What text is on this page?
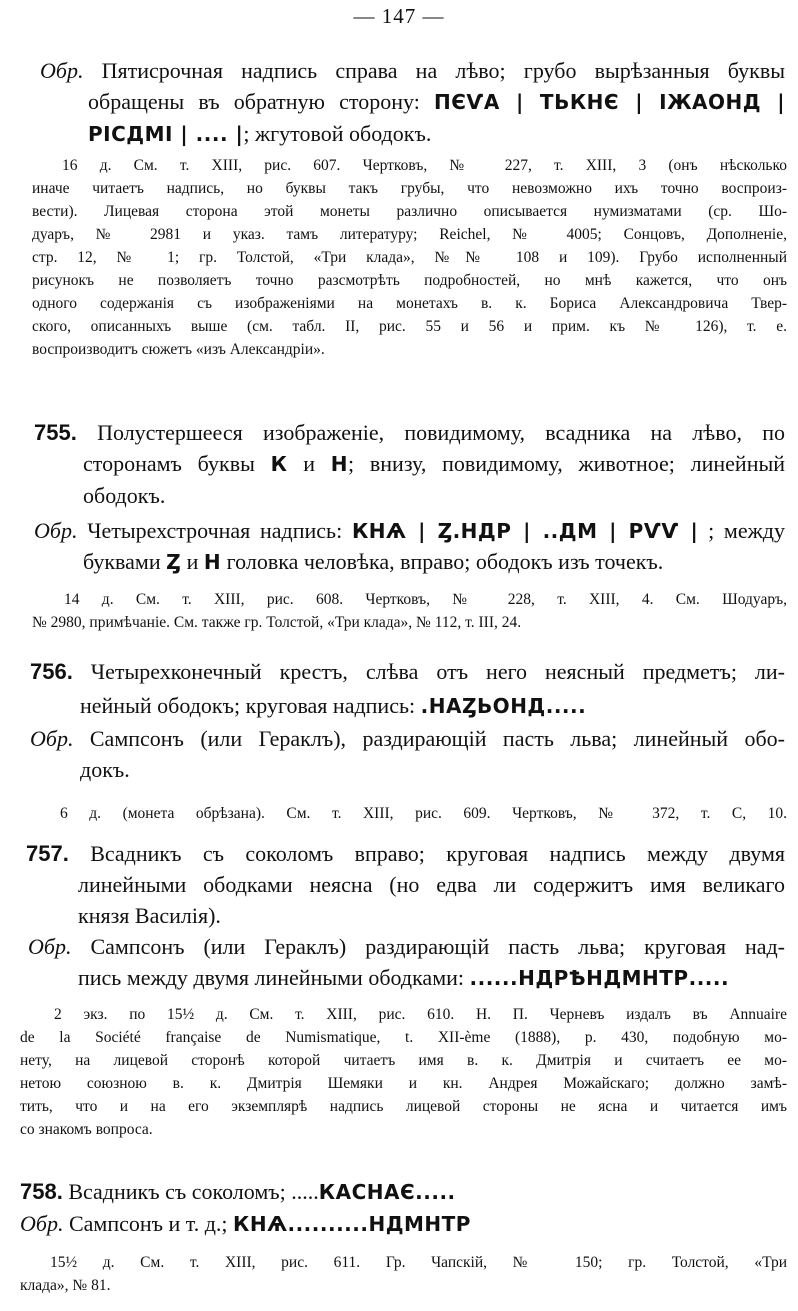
— 147 —
Обр. Пятисрочная надпись справа на лѣво; грубо вырѣзанныя буквы
обращены въ обратную сторону: ПЄѴА | ТЬКНЄ | ІЖАОНД |
РІСДМІ | .... |; жгутовой ободокъ.
16 д. См. т. XIII, рис. 607. Чертковъ, № 227, т. XIII, 3 (онъ нѣсколько
иначе читаетъ надпись, но буквы такъ грубы, что невозможно ихъ точно воспроиз-
вести). Лицевая сторона этой монеты различно описывается нумизматами (ср. Шо-
дуаръ, № 2981 и указ. тамъ литературу; Reichel, № 4005; Сонцовъ, Дополненіе,
стр. 12, № 1; гр. Толстой, «Три клада», №№ 108 и 109). Грубо исполненный
рисунокъ не позволяетъ точно разсмотрѣть подробностей, но мнѣ кажется, что онъ
одного содержанія съ изображеніями на монетахъ в. к. Бориса Александровича Твер-
ского, описанныхъ выше (см. табл. II, рис. 55 и 56 и прим. къ № 126), т. е.
воспроизводитъ сюжетъ «изъ Александріи».
755. Полустершееся изображеніе, повидимому, всадника на лѣво, по
сторонамъ буквы К и Н; внизу, повидимому, животное; линейный
ободокъ.
Обр. Четырехстрочная надпись: КНѦ | Ȥ.НДР | ..ДМ | РѴѴ | ; между
буквами Ȥ и Н головка человѣка, вправо; ободокъ изъ точекъ.
14 д. См. т. XIII, рис. 608. Чертковъ, № 228, т. XIII, 4. См. Шодуаръ,
№ 2980, примѣчаніе. См. также гр. Толстой, «Три клада», № 112, т. III, 24.
756. Четырехконечный крестъ, слѣва отъ него неясный предметъ; ли-
нейный ободокъ; круговая надпись: .НАȤЬОНД.....
Обр. Сампсонъ (или Гераклъ), раздирающій пасть льва; линейный обо-
докъ.
6 д. (монета обрѣзана). См. т. XIII, рис. 609. Чертковъ, № 372, т. С, 10.
757. Всадникъ съ соколомъ вправо; круговая надпись между двумя
линейными ободками неясна (но едва ли содержитъ имя великаго
князя Василія).
Обр. Сампсонъ (или Гераклъ) раздирающій пасть льва; круговая над-
пись между двумя линейными ободками: ......НДРѢНДМНТР.....
2 экз. по 15½ д. См. т. XIII, рис. 610. Н. П. Черневъ издалъ въ Annuaire
de la Société française de Numismatique, t. XII-ème (1888), p. 430, подобную мо-
нету, на лицевой сторонѣ которой читаетъ имя в. к. Дмитрія и считаетъ ее мо-
нетою союзною в. к. Дмитрія Шемяки и кн. Андрея Можайскаго; должно замѣ-
тить, что и на его экземплярѣ надпись лицевой стороны не ясна и читается имъ
со знакомъ вопроса.
758. Всадникъ съ соколомъ; .....КАСНАЄ.....
Обр. Сампсонъ и т. д.; КНѦ..........НДМНТР
15½ д. См. т. XIII, рис. 611. Гр. Чапскій, № 150; гр. Толстой, «Три
клада», № 81.
